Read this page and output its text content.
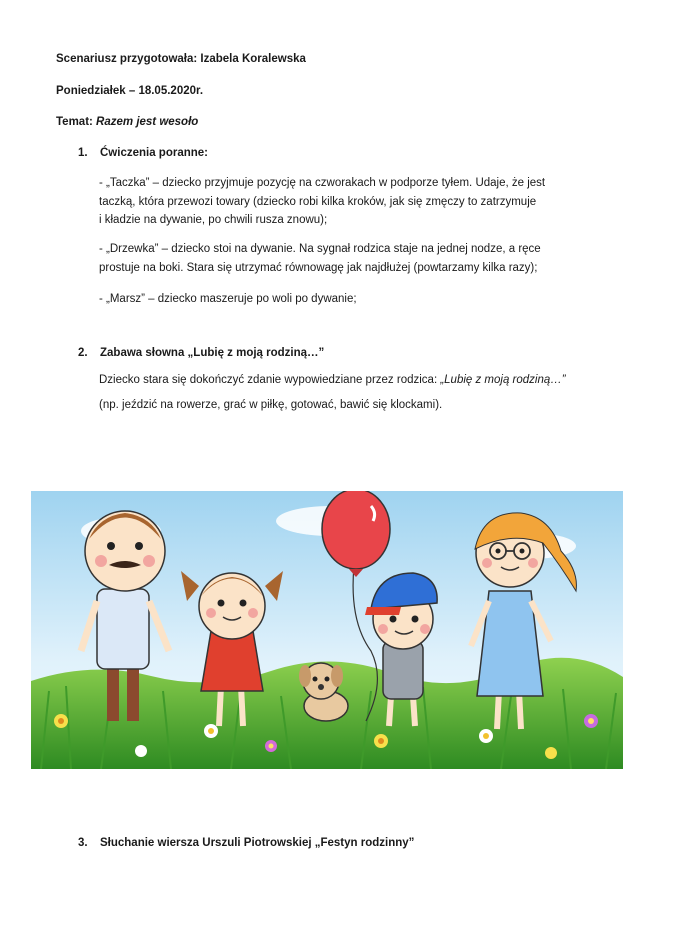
Scenariusz przygotowała: Izabela Koralewska
Poniedziałek – 18.05.2020r.
Temat: Razem jest wesoło
1. Ćwiczenia poranne:
- „Taczka” – dziecko przyjmuje pozycję na czworakach w podporze tyłem. Udaje, że jest
taczką, która przewozi towary (dziecko robi kilka kroków, jak się zmęczy to zatrzymuje
i kładzie na dywanie, po chwili rusza znowu);
- „Drzewka” – dziecko stoi na dywanie. Na sygnał rodzica staje na jednej nodze, a ręce
prostuje na boki. Stara się utrzymać równowagę jak najdłużej (powtarzamy kilka razy);
- „Marsz” – dziecko maszeruje po woli po dywanie;
2. Zabawa słowna „Lubię z moją rodziną…”
Dziecko stara się dokończyć zdanie wypowiedziane przez rodzica: „Lubię z moją rodziną…”
(np. jeździć na rowerze, grać w piłkę, gotować, bawić się klockami).
3. Słuchanie wiersza Urszuli Piotrowskiej „Festyn rodzinny”
